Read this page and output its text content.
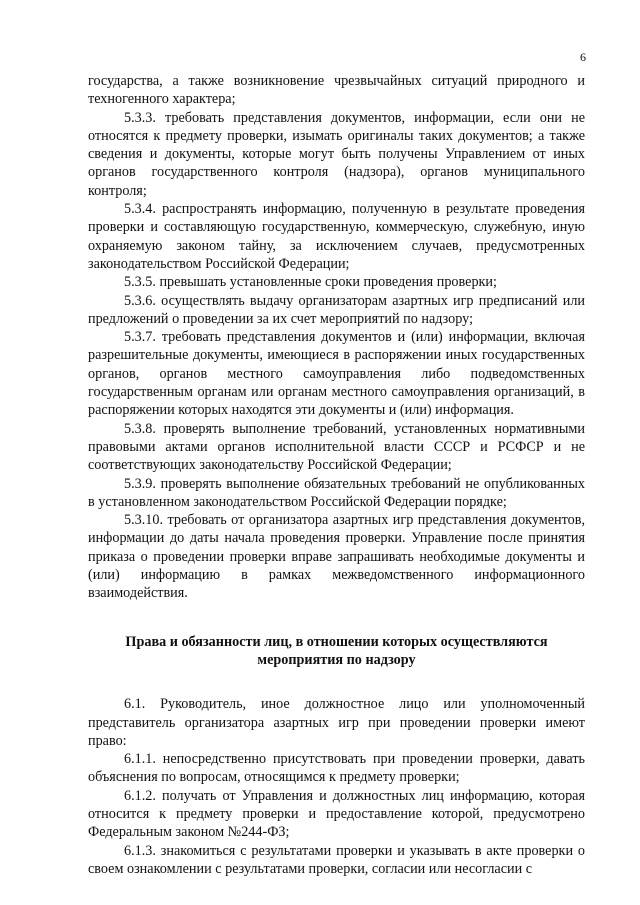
6

государства, а также возникновение чрезвычайных ситуаций природного и техногенного характера;

5.3.3. требовать представления документов, информации, если они не относятся к предмету проверки, изымать оригиналы таких документов; а также сведения и документы, которые могут быть получены Управлением от иных органов государственного контроля (надзора), органов муниципального контроля;

5.3.4. распространять информацию, полученную в результате проведения проверки и составляющую государственную, коммерческую, служебную, иную охраняемую законом тайну, за исключением случаев, предусмотренных законодательством Российской Федерации;

5.3.5. превышать установленные сроки проведения проверки;

5.3.6. осуществлять выдачу организаторам азартных игр предписаний или предложений о проведении за их счет мероприятий по надзору;

5.3.7. требовать представления документов и (или) информации, включая разрешительные документы, имеющиеся в распоряжении иных государственных органов, органов местного самоуправления либо подведомственных государственным органам или органам местного самоуправления организаций, в распоряжении которых находятся эти документы и (или) информация.

5.3.8. проверять выполнение требований, установленных нормативными правовыми актами органов исполнительной власти СССР и РСФСР и не соответствующих законодательству Российской Федерации;

5.3.9. проверять выполнение обязательных требований не опубликованных в установленном законодательством Российской Федерации порядке;

5.3.10. требовать от организатора азартных игр представления документов, информации до даты начала проведения проверки. Управление после принятия приказа о проведении проверки вправе запрашивать необходимые документы и (или) информацию в рамках межведомственного информационного взаимодействия.

Права и обязанности лиц, в отношении которых осуществляются мероприятия по надзору

6.1. Руководитель, иное должностное лицо или уполномоченный представитель организатора азартных игр при проведении проверки имеют право:

6.1.1. непосредственно присутствовать при проведении проверки, давать объяснения по вопросам, относящимся к предмету проверки;

6.1.2. получать от Управления и должностных лиц информацию, которая относится к предмету проверки и предоставление которой, предусмотрено Федеральным законом №244-ФЗ;

6.1.3. знакомиться с результатами проверки и указывать в акте проверки о своем ознакомлении с результатами проверки, согласии или несогласии с
